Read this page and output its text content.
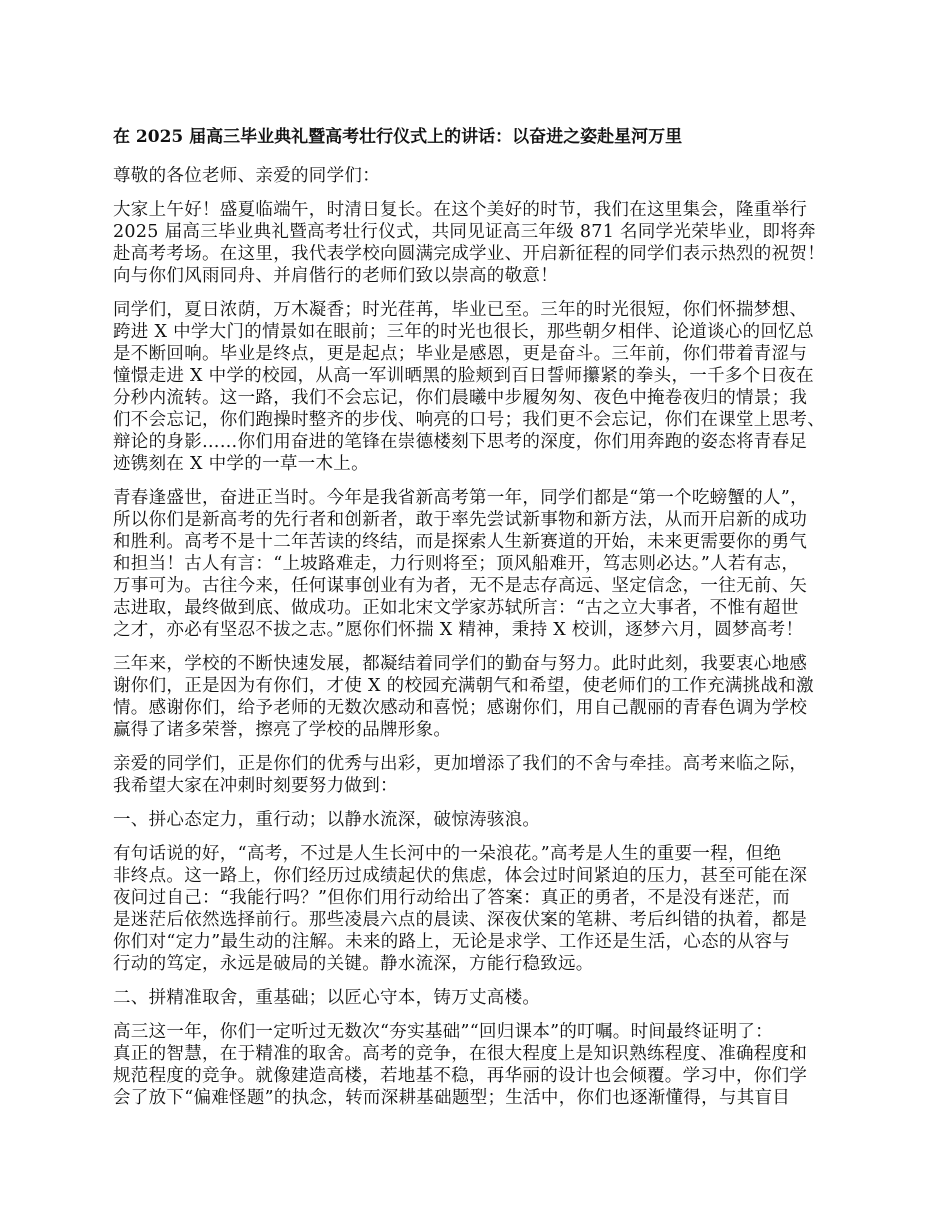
在 2025 届高三毕业典礼暨高考壮行仪式上的讲话：以奋进之姿赴星河万里

尊敬的各位老师、亲爱的同学们：

大家上午好！盛夏临端午，时清日复长。在这个美好的时节，我们在这里集会，隆重举行
2025 届高三毕业典礼暨高考壮行仪式，共同见证高三年级 871 名同学光荣毕业，即将奔
赴高考考场。在这里，我代表学校向圆满完成学业、开启新征程的同学们表示热烈的祝贺！
向与你们风雨同舟、并肩偕行的老师们致以崇高的敬意！

同学们，夏日浓荫，万木凝香；时光荏苒，毕业已至。三年的时光很短，你们怀揣梦想、
跨进 X 中学大门的情景如在眼前；三年的时光也很长，那些朝夕相伴、论道谈心的回忆总
是不断回响。毕业是终点，更是起点；毕业是感恩，更是奋斗。三年前，你们带着青涩与
憧憬走进 X 中学的校园，从高一军训晒黑的脸颊到百日誓师攥紧的拳头，一千多个日夜在
分秒内流转。这一路，我们不会忘记，你们晨曦中步履匆匆、夜色中掩卷夜归的情景；我
们不会忘记，你们跑操时整齐的步伐、响亮的口号；我们更不会忘记，你们在课堂上思考、
辩论的身影……你们用奋进的笔锋在崇德楼刻下思考的深度，你们用奔跑的姿态将青春足
迹镌刻在 X 中学的一草一木上。

青春逢盛世，奋进正当时。今年是我省新高考第一年，同学们都是“第一个吃螃蟹的人”，
所以你们是新高考的先行者和创新者，敢于率先尝试新事物和新方法，从而开启新的成功
和胜利。高考不是十二年苦读的终结，而是探索人生新赛道的开始，未来更需要你的勇气
和担当！古人有言：“上坡路难走，力行则将至；顶风船难开，笃志则必达。”人若有志，
万事可为。古往今来，任何谋事创业有为者，无不是志存高远、坚定信念，一往无前、矢
志进取，最终做到底、做成功。正如北宋文学家苏轼所言：“古之立大事者，不惟有超世
之才，亦必有坚忍不拔之志。”愿你们怀揣 X 精神，秉持 X 校训，逐梦六月，圆梦高考！

三年来，学校的不断快速发展，都凝结着同学们的勤奋与努力。此时此刻，我要衷心地感
谢你们，正是因为有你们，才使 X 的校园充满朝气和希望，使老师们的工作充满挑战和激
情。感谢你们，给予老师的无数次感动和喜悦；感谢你们，用自己靓丽的青春色调为学校
赢得了诸多荣誉，擦亮了学校的品牌形象。

亲爱的同学们，正是你们的优秀与出彩，更加增添了我们的不舍与牵挂。高考来临之际，
我希望大家在冲刺时刻要努力做到：

一、拼心态定力，重行动；以静水流深，破惊涛骇浪。

有句话说的好，“高考，不过是人生长河中的一朵浪花。”高考是人生的重要一程，但绝
非终点。这一路上，你们经历过成绩起伏的焦虑，体会过时间紧迫的压力，甚至可能在深
夜问过自己：“我能行吗？”但你们用行动给出了答案：真正的勇者，不是没有迷茫，而
是迷茫后依然选择前行。那些凌晨六点的晨读、深夜伏案的笔耕、考后纠错的执着，都是
你们对“定力”最生动的注解。未来的路上，无论是求学、工作还是生活，心态的从容与
行动的笃定，永远是破局的关键。静水流深，方能行稳致远。

二、拼精准取舍，重基础；以匠心守本，铸万丈高楼。

高三这一年，你们一定听过无数次“夯实基础”“回归课本”的叮嘱。时间最终证明了：
真正的智慧，在于精准的取舍。高考的竞争，在很大程度上是知识熟练程度、准确程度和
规范程度的竞争。就像建造高楼，若地基不稳，再华丽的设计也会倾覆。学习中，你们学
会了放下“偏难怪题”的执念，转而深耕基础题型；生活中，你们也逐渐懂得，与其盲目
